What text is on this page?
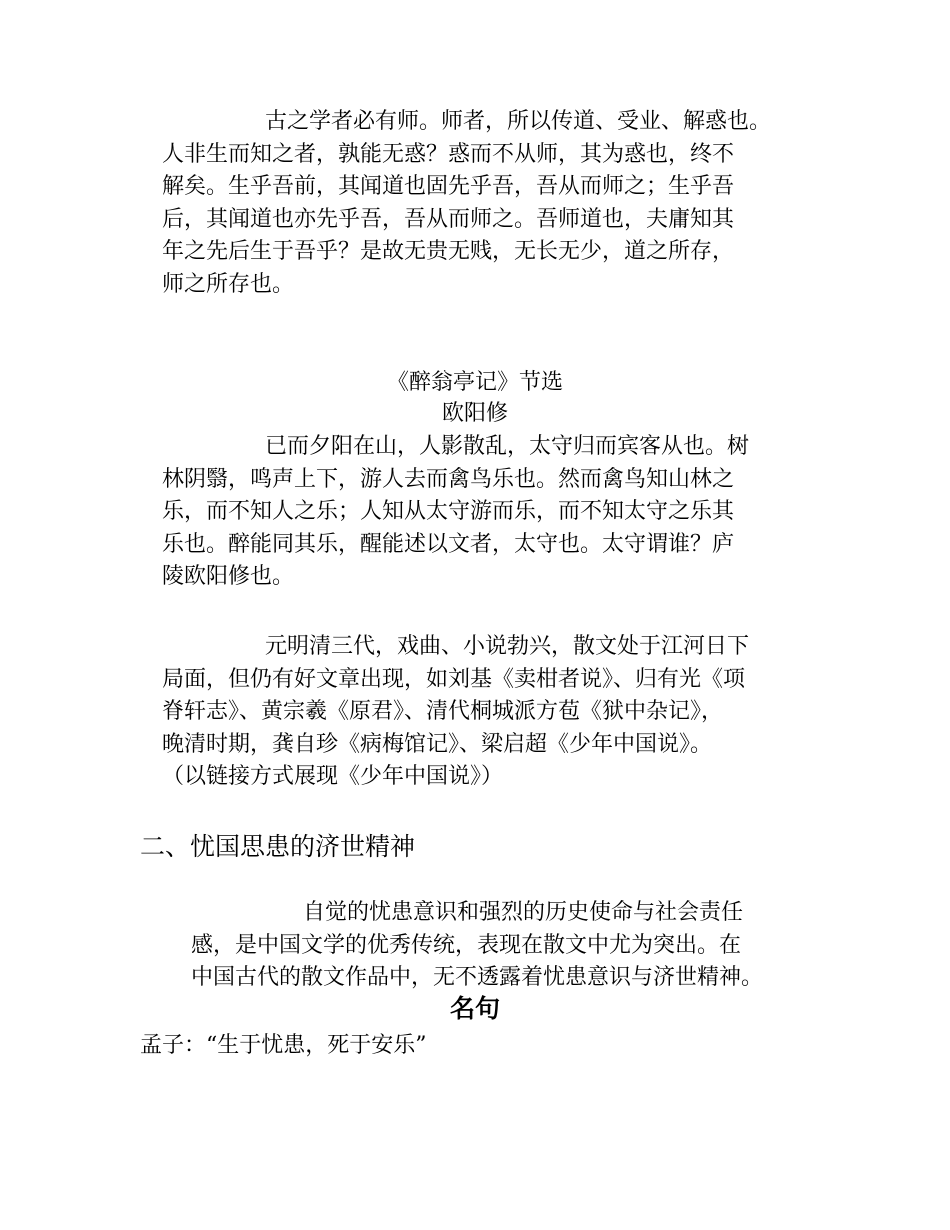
古之学者必有师。师者，所以传道、受业、解惑也。
人非生而知之者，孰能无惑？惑而不从师，其为惑也，终不
解矣。生乎吾前，其闻道也固先乎吾，吾从而师之；生乎吾
后，其闻道也亦先乎吾，吾从而师之。吾师道也，夫庸知其
年之先后生于吾乎？是故无贵无贱，无长无少，道之所存，
师之所存也。

《醉翁亭记》节选

欧阳修

已而夕阳在山，人影散乱，太守归而宾客从也。树
林阴翳，鸣声上下，游人去而禽鸟乐也。然而禽鸟知山林之
乐，而不知人之乐；人知从太守游而乐，而不知太守之乐其
乐也。醉能同其乐，醒能述以文者，太守也。太守谓谁？庐
陵欧阳修也。
元明清三代，戏曲、小说勃兴，散文处于江河日下
局面，但仍有好文章出现，如刘基《卖柑者说》、归有光《项
脊轩志》、黄宗羲《原君》、清代桐城派方苞《狱中杂记》，
晚清时期，龚自珍《病梅馆记》、梁启超《少年中国说》。
（以链接方式展现《少年中国说》）
二、忧国思患的济世精神
自觉的忧患意识和强烈的历史使命与社会责任
感，是中国文学的优秀传统，表现在散文中尤为突出。在
中国古代的散文作品中，无不透露着忧患意识与济世精神。
名句

孟子：“生于忧患，死于安乐”
